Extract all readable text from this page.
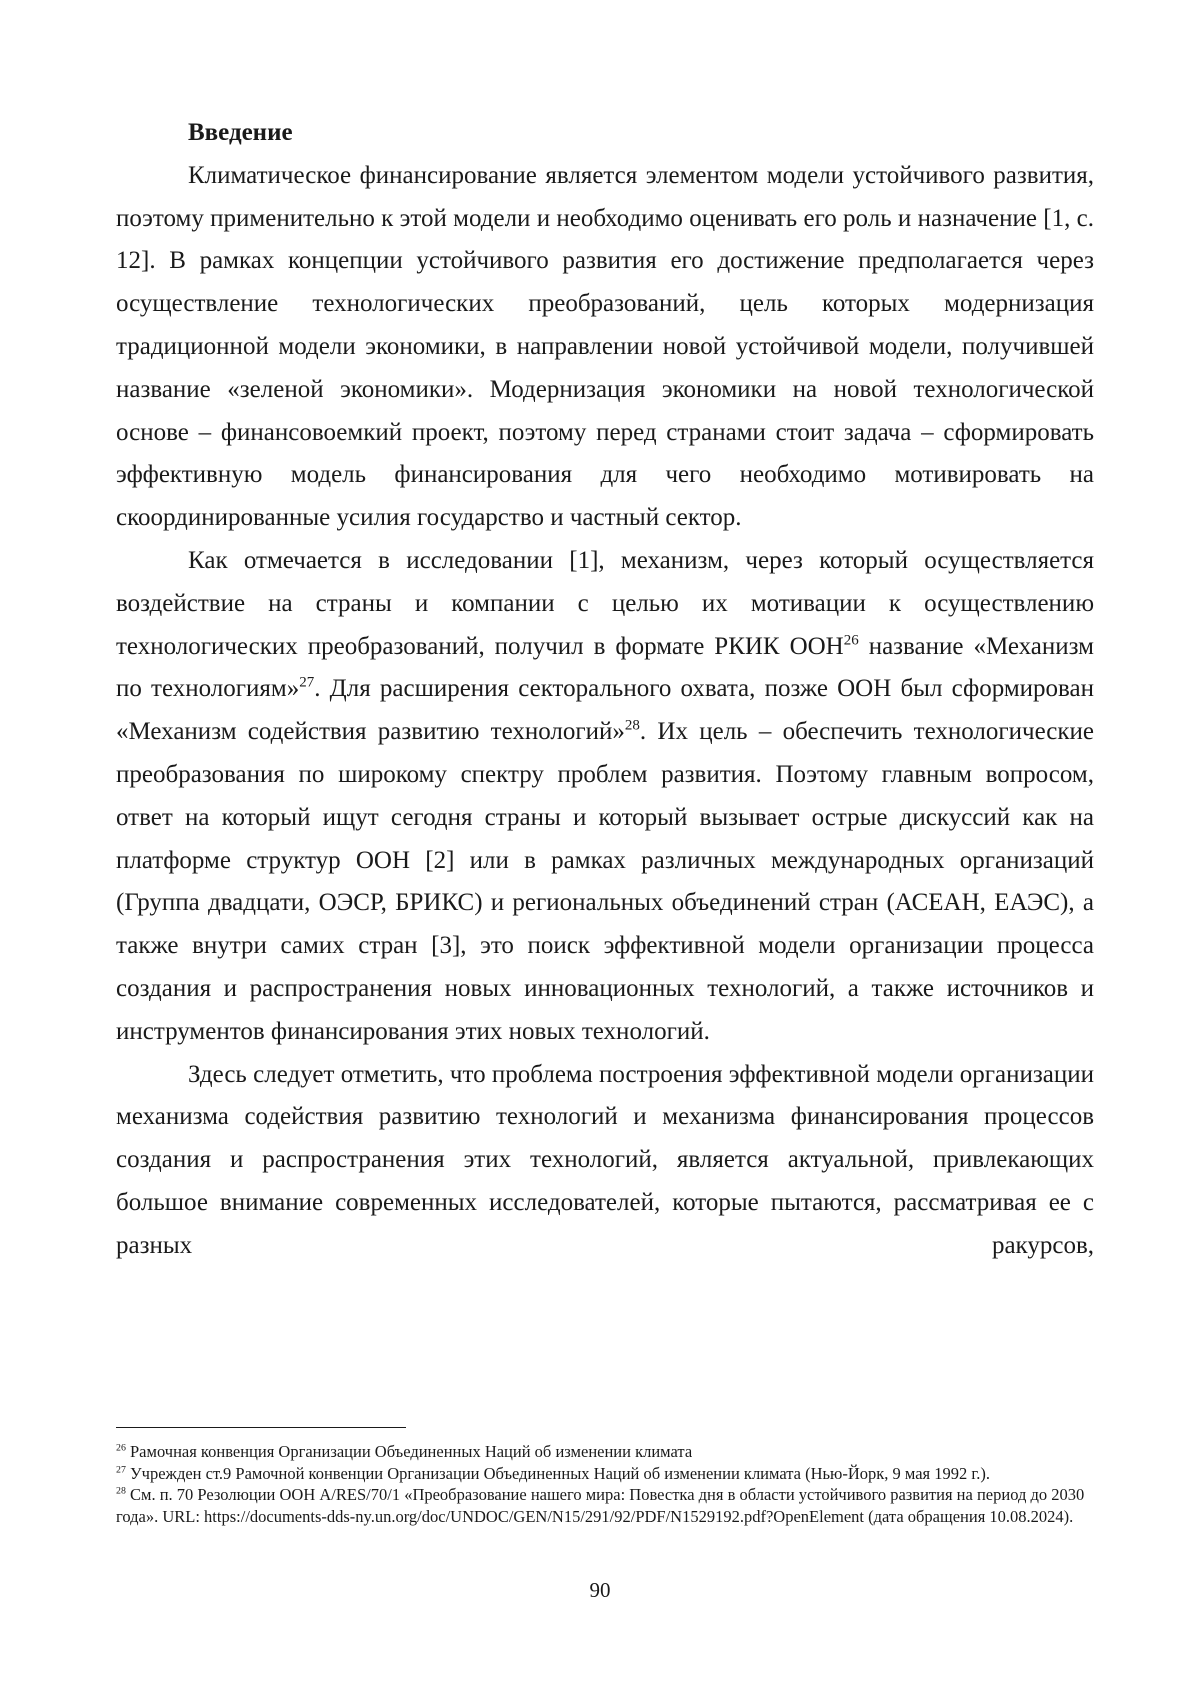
Введение

Климатическое финансирование является элементом модели устойчивого развития, поэтому применительно к этой модели и необходимо оценивать его роль и назначение [1, с. 12]. В рамках концепции устойчивого развития его достижение предполагается через осуществление технологических преобразований, цель которых модернизация традиционной модели экономики, в направлении новой устойчивой модели, получившей название «зеленой экономики». Модернизация экономики на новой технологической основе – финансовоемкий проект, поэтому перед странами стоит задача – сформировать эффективную модель финансирования для чего необходимо мотивировать на скоординированные усилия государство и частный сектор.

Как отмечается в исследовании [1], механизм, через который осуществляется воздействие на страны и компании с целью их мотивации к осуществлению технологических преобразований, получил в формате РКИК ООН$^{26}$ название «Механизм по технологиям»$^{27}$. Для расширения секторального охвата, позже ООН был сформирован «Механизм содействия развитию технологий»$^{28}$. Их цель – обеспечить технологические преобразования по широкому спектру проблем развития. Поэтому главным вопросом, ответ на который ищут сегодня страны и который вызывает острые дискуссий как на платформе структур ООН [2] или в рамках различных международных организаций (Группа двадцати, ОЭСР, БРИКС) и региональных объединений стран (АСЕАН, ЕАЭС), а также внутри самих стран [3], это поиск эффективной модели организации процесса создания и распространения новых инновационных технологий, а также источников и инструментов финансирования этих новых технологий.

Здесь следует отметить, что проблема построения эффективной модели организации механизма содействия развитию технологий и механизма финансирования процессов создания и распространения этих технологий, является актуальной, привлекающих большое внимание современных исследователей, которые пытаются, рассматривая ее с разных ракурсов,

$^{26}$ Рамочная конвенция Организации Объединенных Наций об изменении климата

$^{27}$ Учрежден ст.9 Рамочной конвенции Организации Объединенных Наций об изменении климата (Нью-Йорк, 9 мая 1992 г.).

$^{28}$ См. п. 70 Резолюции ООН A/RES/70/1 «Преобразование нашего мира: Повестка дня в области устойчивого развития на период до 2030 года». URL: https://documents-dds-ny.un.org/doc/UNDOC/GEN/N15/291/92/PDF/N1529192.pdf?OpenElement (дата обращения 10.08.2024).

90
